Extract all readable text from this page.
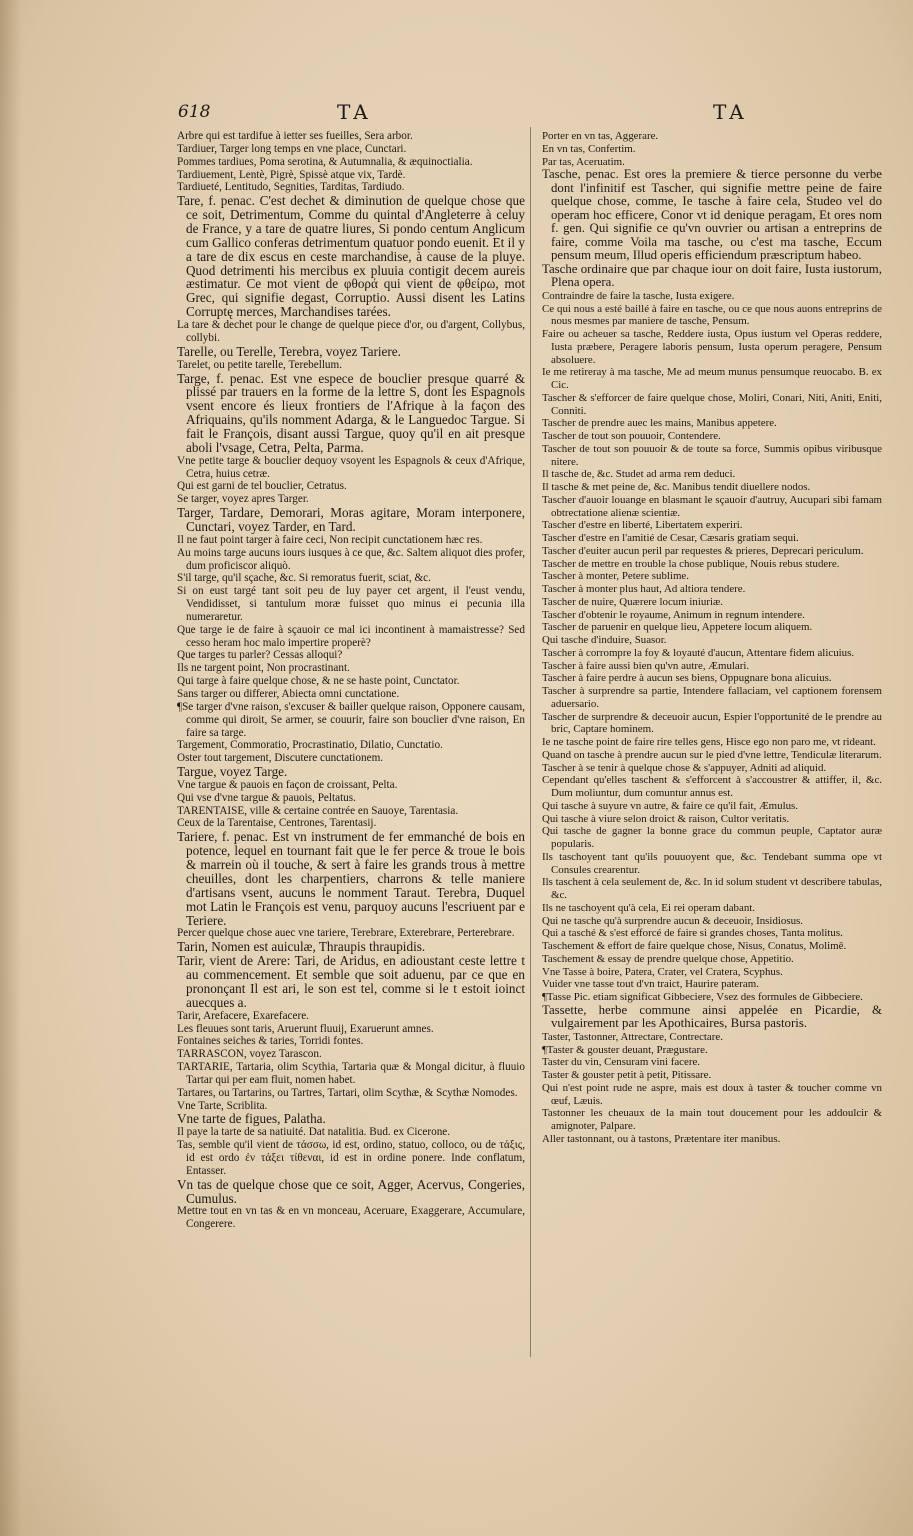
618	TA	TA

Arbre qui est tardifue à ietter ses fueilles, Sera arbor.

Tardiuer, Targer long temps en vne place, Cunctari.

Pommes tardiues, Poma serotina, & Autumnalia, & æquinoctialia.

Tardiuement, Lentè, Pigrè, Spissè atque vix, Tardè.

Tardiueté, Lentitudo, Segnities, Tarditas, Tardiudo.

Tare, f. penac. C'est dechet & diminution de quelque chose que ce soit, Detrimentum, Comme du quintal d'Angleterre à celuy de France, y a tare de quatre liures, Si pondo centum Anglicum cum Gallico conferas detrimentum quatuor pondo euenit. Et il y a tare de dix escus en ceste marchandise, à cause de la pluye. Quod detrimenti his mercibus ex pluuia contigit decem aureis æstimatur. Ce mot vient de φθορά qui vient de φθείρω, mot Grec, qui signifie degast, Corruptio. Aussi disent les Latins Corruptę merces, Marchandises tarées.

La tare & dechet pour le change de quelque piece d'or, ou d'argent, Collybus, collybi.

Tarelle, ou Terelle, Terebra, voyez Tariere.

Tarelet, ou petite tarelle, Terebellum.

Targe, f. penac. Est vne espece de bouclier presque quarré & plissé par trauers en la forme de la lettre S, dont les Espagnols vsent encore és lieux frontiers de l'Afrique à la façon des Afriquains, qu'ils nomment Adarga, & le Languedoc Targue. Si fait le François, disant aussi Targue, quoy qu'il en ait presque aboli l'vsage, Cetra, Pelta, Parma.

Vne petite targe & bouclier dequoy vsoyent les Espagnols & ceux d'Afrique, Cetra, huius cetræ.

Qui est garni de tel bouclier, Cetratus.

Se targer, voyez apres Targer.

Targer, Tardare, Demorari, Moras agitare, Moram interponere, Cunctari, voyez Tarder, en Tard.

Il ne faut point targer à faire ceci, Non recipit cunctationem hæc res.

Au moins targe aucuns iours iusques à ce que, &c. Saltem aliquot dies profer, dum proficiscor aliquò.

S'il targe, qu'il sçache, &c. Si remoratus fuerit, sciat, &c.

Si on eust targé tant soit peu de luy payer cet argent, il l'eust vendu, Vendidisset, si tantulum moræ fuisset quo minus ei pecunia illa numeraretur.

Que targe ie de faire à sçauoir ce mal ici incontinent à mamaistresse? Sed cesso heram hoc malo impertire properè?

Que targes tu parler? Cessas alloqui?

Ils ne targent point, Non procrastinant.

Qui targe à faire quelque chose, & ne se haste point, Cunctator.

Sans targer ou differer, Abiecta omni cunctatione.

¶Se targer d'vne raison, s'excuser & bailler quelque raison, Opponere causam, comme qui diroit, Se armer, se couurir, faire son bouclier d'vne raison, En faire sa targe.

Targement, Commoratio, Procrastinatio, Dilatio, Cunctatio.

Oster tout targement, Discutere cunctationem.

Targue, voyez Targe.

Vne targue & pauois en façon de croissant, Pelta.

Qui vse d'vne targue & pauois, Peltatus.

TARENTAISE, ville & certaine contrée en Sauoye, Tarentasia.

Ceux de la Tarentaise, Centrones, Tarentasij.

Tariere, f. penac. Est vn instrument de fer emmanché de bois en potence, lequel en tournant fait que le fer perce & troue le bois & marrein où il touche, & sert à faire les grands trous à mettre cheuilles, dont les charpentiers, charrons & telle maniere d'artisans vsent, aucuns le nomment Taraut. Terebra, Duquel mot Latin le François est venu, parquoy aucuns l'escriuent par e Teriere.

Percer quelque chose auec vne tariere, Terebrare, Exterebrare, Perterebrare.

Tarin, Nomen est auiculæ, Thraupis thraupidis.

Tarir, vient de Arere: Tari, de Aridus, en adioustant ceste lettre t au commencement. Et semble que soit aduenu, par ce que en prononçant Il est ari, le son est tel, comme si le t estoit ioinct auecques a.

Tarir, Arefacere, Exarefacere.

Les fleuues sont taris, Aruerunt fluuij, Exaruerunt amnes.

Fontaines seiches & taries, Torridi fontes.

TARRASCON, voyez Tarascon.

TARTARIE, Tartaria, olim Scythia, Tartaria quæ & Mongal dicitur, à fluuio Tartar qui per eam fluit, nomen habet.

Tartares, ou Tartarins, ou Tartres, Tartari, olim Scythæ, & Scythæ Nomodes.

Vne Tarte, Scriblita.

Vne tarte de figues, Palatha.

Il paye la tarte de sa natiuité. Dat natalitia. Bud. ex Cicerone.

Tas, semble qu'il vient de τάσσω, id est, ordino, statuo, colloco, ou de τάξις, id est ordo ἐν τάξει τίθεναι, id est in ordine ponere. Inde conflatum, Entasser.

Vn tas de quelque chose que ce soit, Agger, Acervus, Congeries, Cumulus.

Mettre tout en vn tas & en vn monceau, Aceruare, Exaggerare, Accumulare, Congerere.

Porter en vn tas, Aggerare.

En vn tas, Confertim.

Par tas, Aceruatim.

Tasche, penac. Est ores la premiere & tierce personne du verbe dont l'infinitif est Tascher, qui signifie mettre peine de faire quelque chose, comme, Ie tasche à faire cela, Studeo vel do operam hoc efficere, Conor vt id denique peragam, Et ores nom f. gen. Qui signifie ce qu'vn ouvrier ou artisan a entreprins de faire, comme Voila ma tasche, ou c'est ma tasche, Eccum pensum meum, Illud operis efficiendum præscriptum habeo.

Tasche ordinaire que par chaque iour on doit faire, Iusta iustorum, Plena opera.

Contraindre de faire la tasche, Iusta exigere.

Ce qui nous a esté baillé à faire en tasche, ou ce que nous auons entreprins de nous mesmes par maniere de tasche, Pensum.

Faire ou acheuer sa tasche, Reddere iusta, Opus iustum vel Operas reddere, Iusta præbere, Peragere laboris pensum, Iusta operum peragere, Pensum absoluere.

Ie me retireray à ma tasche, Me ad meum munus pensumque reuocabo. B. ex Cic.

Tascher & s'efforcer de faire quelque chose, Moliri, Conari, Niti, Aniti, Eniti, Conniti.

Tascher de prendre auec les mains, Manibus appetere.

Tascher de tout son pouuoir, Contendere.

Tascher de tout son pouuoir & de toute sa force, Summis opibus viribusque nitere.

Il tasche de, &c. Studet ad arma rem deduci.

Il tasche & met peine de, &c. Manibus tendit diuellere nodos.

Tascher d'auoir louange en blasmant le sçauoir d'autruy, Aucupari sibi famam obtrectatione alienæ scientiæ.

Tascher d'estre en liberté, Libertatem experiri.

Tascher d'estre en l'amitié de Cesar, Cæsaris gratiam sequi.

Tascher d'euiter aucun peril par requestes & prieres, Deprecari periculum.

Tascher de mettre en trouble la chose publique, Nouis rebus studere.

Tascher à monter, Petere sublime.

Tascher à monter plus haut, Ad altiora tendere.

Tascher de nuire, Quærere locum iniuriæ.

Tascher d'obtenir le royaume, Animum in regnum intendere.

Tascher de paruenir en quelque lieu, Appetere locum aliquem.

Qui tasche d'induire, Suasor.

Tascher à corrompre la foy & loyauté d'aucun, Attentare fidem alicuius.

Tascher à faire aussi bien qu'vn autre, Æmulari.

Tascher à faire perdre à aucun ses biens, Oppugnare bona alicuius.

Tascher à surprendre sa partie, Intendere fallaciam, vel captionem forensem aduersario.

Tascher de surprendre & deceuoir aucun, Espier l'opportunité de le prendre au bric, Captare hominem.

Ie ne tasche point de faire rire telles gens, Hisce ego non paro me, vt rideant.

Quand on tasche à prendre aucun sur le pied d'vne lettre, Tendiculæ literarum.

Tascher à se tenir à quelque chose & s'appuyer, Adniti ad aliquid.

Cependant qu'elles taschent & s'efforcent à s'accoustrer & attiffer, il, &c. Dum moliuntur, dum comuntur annus est.

Qui tasche à suyure vn autre, & faire ce qu'il fait, Æmulus.

Qui tasche à viure selon droict & raison, Cultor veritatis.

Qui tasche de gagner la bonne grace du commun peuple, Captator auræ popularis.

Ils taschoyent tant qu'ils pouuoyent que, &c. Tendebant summa ope vt Consules crearentur.

Ils taschent à cela seulement de, &c. In id solum student vt describere tabulas, &c.

Ils ne taschoyent qu'à cela, Ei rei operam dabant.

Qui ne tasche qu'à surprendre aucun & deceuoir, Insidiosus.

Qui a tasché & s'est efforcé de faire si grandes choses, Tanta molitus.

Taschement & effort de faire quelque chose, Nisus, Conatus, Molimē.

Taschement & essay de prendre quelque chose, Appetitio.

Vne Tasse à boire, Patera, Crater, vel Cratera, Scyphus.

Vuider vne tasse tout d'vn traict, Haurire pateram.

¶Tasse Pic. etiam significat Gibbeciere, Vsez des formules de Gibbeciere.

Tassette, herbe commune ainsi appelée en Picardie, & vulgairement par les Apothicaires, Bursa pastoris.

Taster, Tastonner, Attrectare, Contrectare.

¶Taster & gouster deuant, Prægustare.

Taster du vin, Censuram vini facere.

Taster & gouster petit à petit, Pitissare.

Qui n'est point rude ne aspre, mais est doux à taster & toucher comme vn œuf, Læuis.

Tastonner les cheuaux de la main tout doucement pour les addoulcir & amignoter, Palpare.

Aller tastonnant, ou à tastons, Prætentare iter manibus.
